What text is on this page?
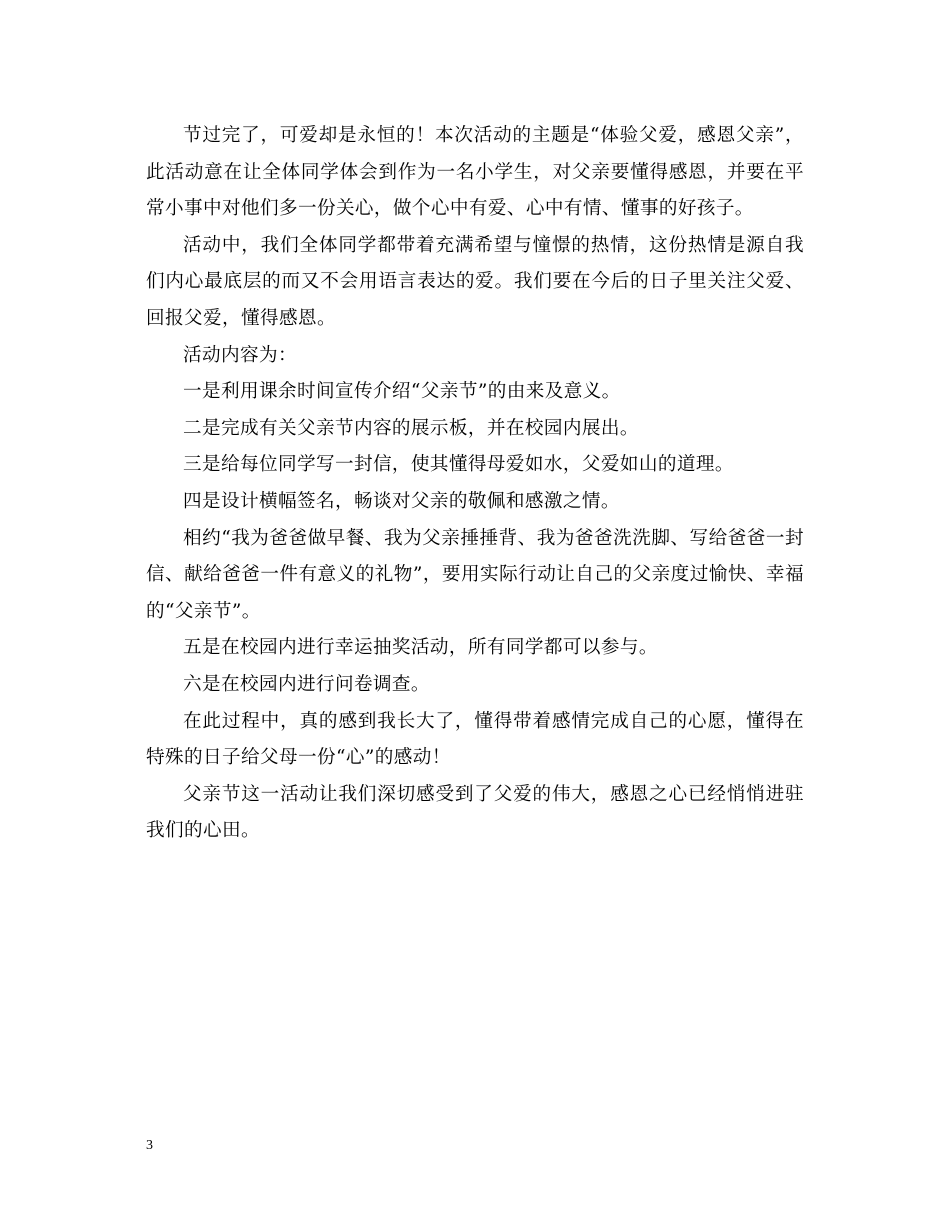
节过完了，可爱却是永恒的！本次活动的主题是“体验父爱，感恩父亲”，此活动意在让全体同学体会到作为一名小学生，对父亲要懂得感恩，并要在平常小事中对他们多一份关心，做个心中有爱、心中有情、懂事的好孩子。

活动中，我们全体同学都带着充满希望与憧憬的热情，这份热情是源自我们内心最底层的而又不会用语言表达的爱。我们要在今后的日子里关注父爱、回报父爱，懂得感恩。

活动内容为：

一是利用课余时间宣传介绍“父亲节”的由来及意义。

二是完成有关父亲节内容的展示板，并在校园内展出。

三是给每位同学写一封信，使其懂得母爱如水，父爱如山的道理。

四是设计横幅签名，畅谈对父亲的敬佩和感激之情。

相约“我为爸爸做早餐、我为父亲捶捶背、我为爸爸洗洗脚、写给爸爸一封信、献给爸爸一件有意义的礼物”，要用实际行动让自己的父亲度过愉快、幸福的“父亲节”。

五是在校园内进行幸运抽奖活动，所有同学都可以参与。

六是在校园内进行问卷调查。

在此过程中，真的感到我长大了，懂得带着感情完成自己的心愿，懂得在特殊的日子给父母一份“心”的感动！

父亲节这一活动让我们深切感受到了父爱的伟大，感恩之心已经悄悄进驻我们的心田。

3
